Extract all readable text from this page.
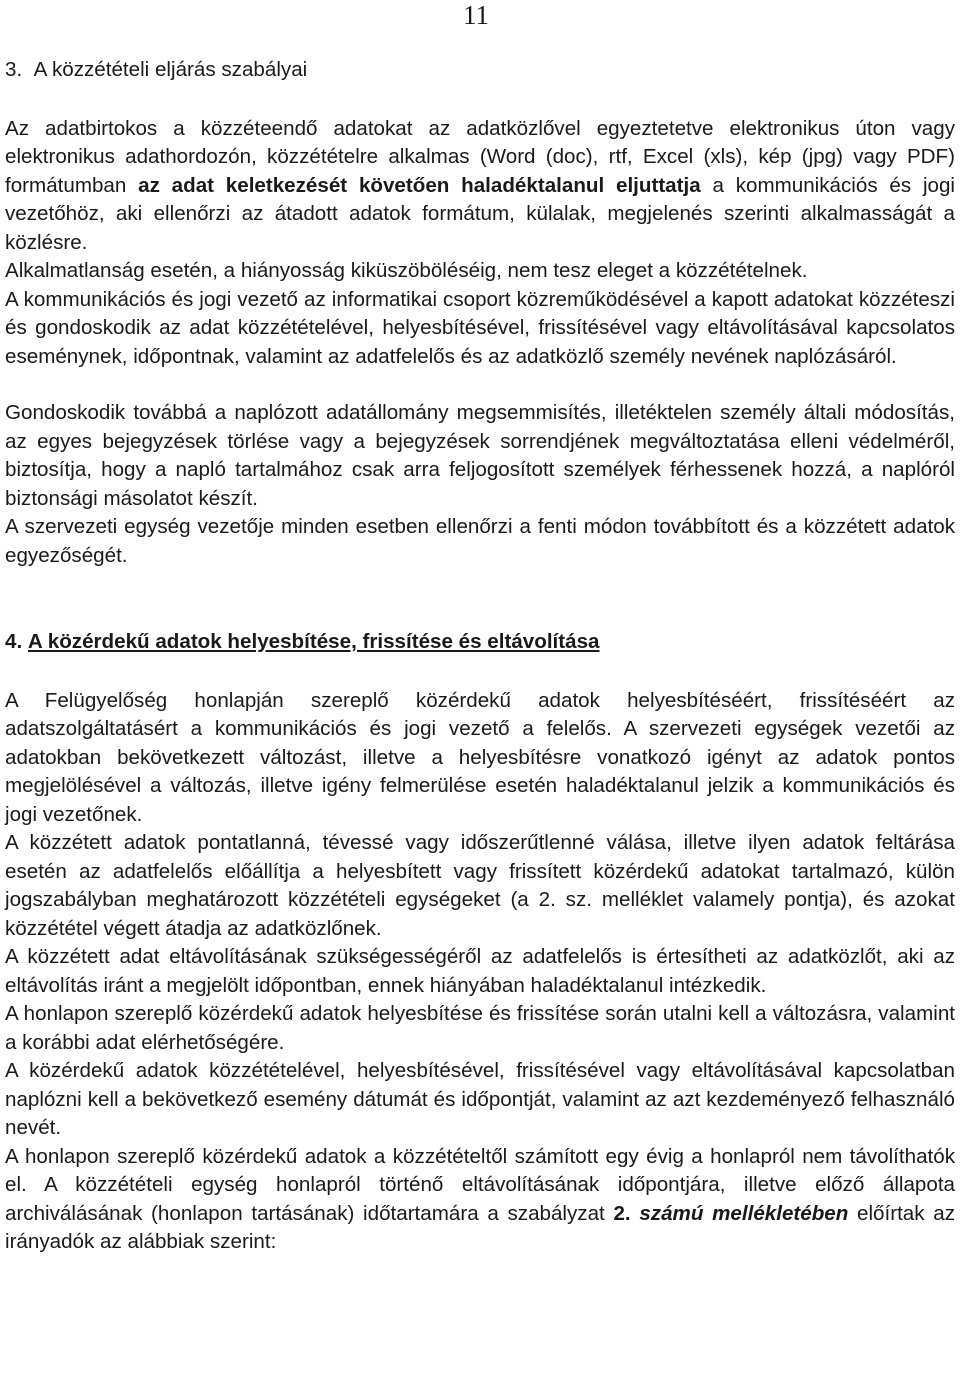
11
3. A közzétételi eljárás szabályai

Az adatbirtokos a közzéteendő adatokat az adatközlővel egyeztetetve elektronikus úton vagy elektronikus adathordozón, közzétételre alkalmas (Word (doc), rtf, Excel (xls), kép (jpg) vagy PDF) formátumban az adat keletkezését követően haladéktalanul eljuttatja a kommunikációs és jogi vezetőhöz, aki ellenőrzi az átadott adatok formátum, külalak, megjelenés szerinti alkalmasságát a közlésre.

Alkalmatlanság esetén, a hiányosság kiküszöböléséig, nem tesz eleget a közzétételnek.

A kommunikációs és jogi vezető az informatikai csoport közreműködésével a kapott adatokat közzéteszi és gondoskodik az adat közzétételével, helyesbítésével, frissítésével vagy eltávolításával kapcsolatos eseménynek, időpontnak, valamint az adatfelelős és az adatközlő személy nevének naplózásáról.

Gondoskodik továbbá a naplózott adatállomány megsemmisítés, illetéktelen személy általi módosítás, az egyes bejegyzések törlése vagy a bejegyzések sorrendjének megváltoztatása elleni védelméről, biztosítja, hogy a napló tartalmához csak arra feljogosított személyek férhessenek hozzá, a naplóról biztonsági másolatot készít.

A szervezeti egység vezetője minden esetben ellenőrzi a fenti módon továbbított és a közzétett adatok egyezőségét.

4. A közérdekű adatok helyesbítése, frissítése és eltávolítása

A Felügyelőség honlapján szereplő közérdekű adatok helyesbítéséért, frissítéséért az adatszolgáltatásért a kommunikációs és jogi vezető a felelős. A szervezeti egységek vezetői az adatokban bekövetkezett változást, illetve a helyesbítésre vonatkozó igényt az adatok pontos megjelölésével a változás, illetve igény felmerülése esetén haladéktalanul jelzik a kommunikációs és jogi vezetőnek.

A közzétett adatok pontatlanná, tévessé vagy időszerűtlenné válása, illetve ilyen adatok feltárása esetén az adatfelelős előállítja a helyesbített vagy frissített közérdekű adatokat tartalmazó, külön jogszabályban meghatározott közzétételi egységeket (a 2. sz. melléklet valamely pontja), és azokat közzététel végett átadja az adatközlőnek.

A közzétett adat eltávolításának szükségességéről az adatfelelős is értesítheti az adatközlőt, aki az eltávolítás iránt a megjelölt időpontban, ennek hiányában haladéktalanul intézkedik.

A honlapon szereplő közérdekű adatok helyesbítése és frissítése során utalni kell a változásra, valamint a korábbi adat elérhetőségére.

A közérdekű adatok közzétételével, helyesbítésével, frissítésével vagy eltávolításával kapcsolatban naplózni kell a bekövetkező esemény dátumát és időpontját, valamint az azt kezdeményező felhasználó nevét.

A honlapon szereplő közérdekű adatok a közzétételtől számított egy évig a honlapról nem távolíthatók el. A közzétételi egység honlapról történő eltávolításának időpontjára, illetve előző állapota archiválásának (honlapon tartásának) időtartamára a szabályzat 2. számú mellékletében előírtak az irányadók az alábbiak szerint:
